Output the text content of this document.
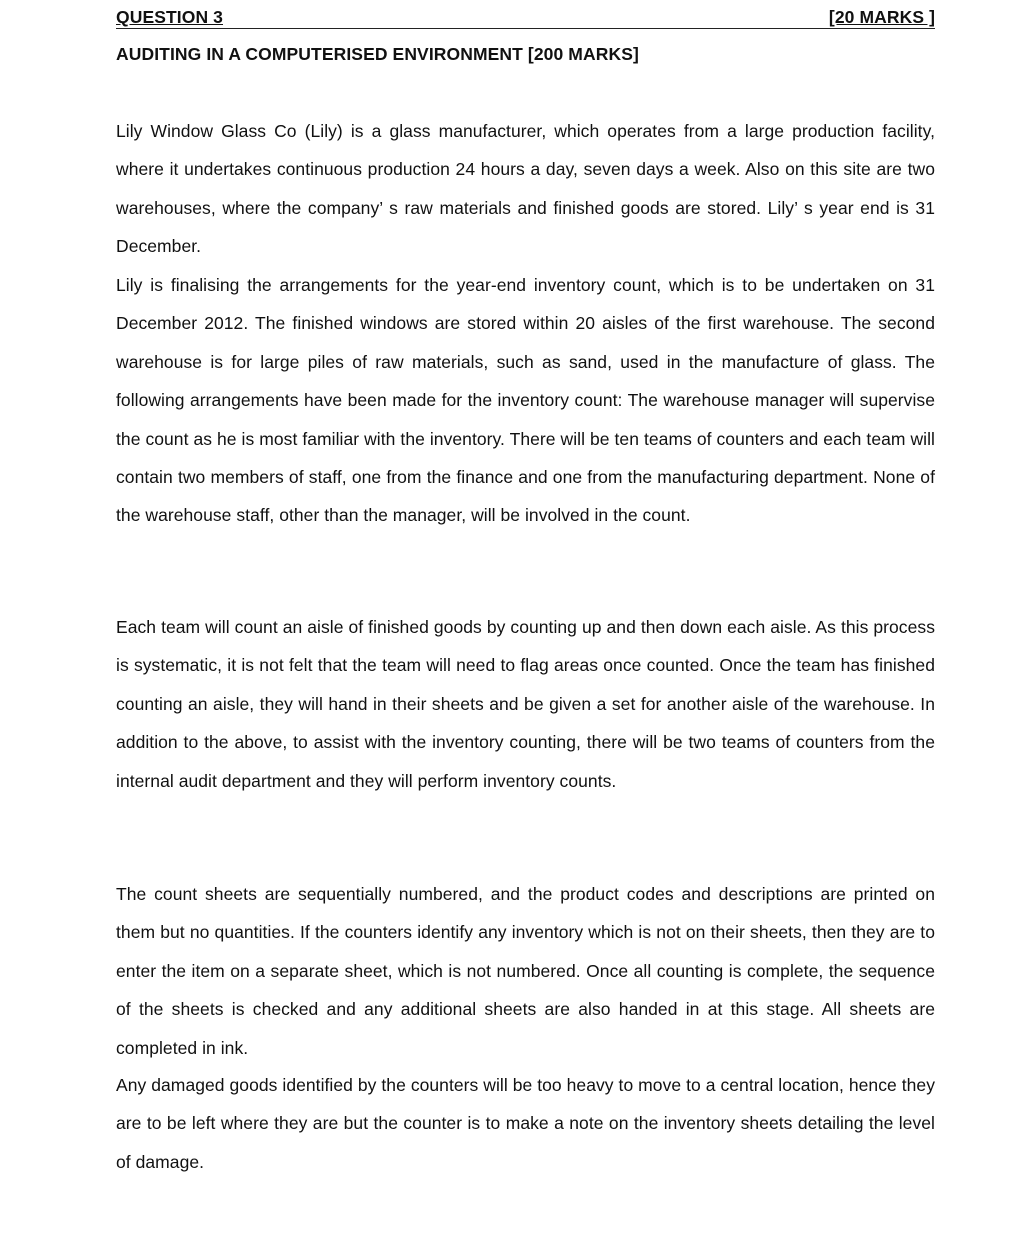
QUESTION 3	[20 MARKS ]
AUDITING IN A COMPUTERISED ENVIRONMENT [200 MARKS]

Lily Window Glass Co (Lily) is a glass manufacturer, which operates from a large production facility, where it undertakes continuous production 24 hours a day, seven days a week. Also on this site are two warehouses, where the company’ s raw materials and finished goods are stored. Lily’ s year end is 31 December.

Lily is finalising the arrangements for the year-end inventory count, which is to be undertaken on 31 December 2012. The finished windows are stored within 20 aisles of the first warehouse. The second warehouse is for large piles of raw materials, such as sand, used in the manufacture of glass. The following arrangements have been made for the inventory count: The warehouse manager will supervise the count as he is most familiar with the inventory. There will be ten teams of counters and each team will contain two members of staff, one from the finance and one from the manufacturing department. None of the warehouse staff, other than the manager, will be involved in the count.

Each team will count an aisle of finished goods by counting up and then down each aisle. As this process is systematic, it is not felt that the team will need to flag areas once counted. Once the team has finished counting an aisle, they will hand in their sheets and be given a set for another aisle of the warehouse. In addition to the above, to assist with the inventory counting, there will be two teams of counters from the internal audit department and they will perform inventory counts.

The count sheets are sequentially numbered, and the product codes and descriptions are printed on them but no quantities. If the counters identify any inventory which is not on their sheets, then they are to enter the item on a separate sheet, which is not numbered. Once all counting is complete, the sequence of the sheets is checked and any additional sheets are also handed in at this stage. All sheets are completed in ink.

Any damaged goods identified by the counters will be too heavy to move to a central location, hence they are to be left where they are but the counter is to make a note on the inventory sheets detailing the level of damage.
